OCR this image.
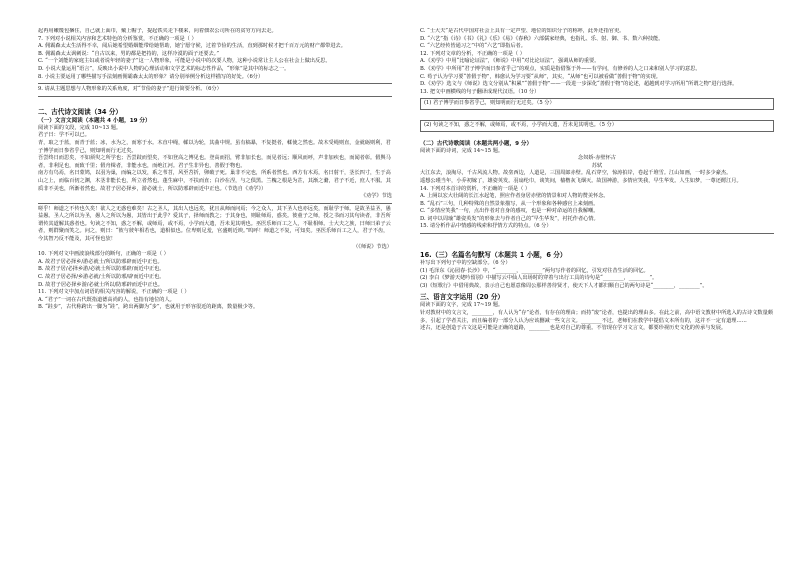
起再用嫩篾包捆住，自己就上面巾，戴上帽子，提起铁夹走下楼来，向着佃农公司所在的贫穷方向去走。

7. 下列对小说相关内容和艺术特色的分析鉴赏，不正确的一项是（ ）

A. 佣霸森太太生活得不幸，阅后她希望婚姻能带给她帮助，她宁愿守候，过着节俭的生活，直到那时候才把千百万元的财产都带进去。

B. 佣霸森太太讽刺说：“自古以来，男的都是把持的，这样冷漠的面子还要去。”

C. “一个刘能的家庭主妇或者说年轻的妻子”这一人物形象，可能是小说中的次要人物，这种小说常让主人公在社会上做出反思。

D. 小说大量运用“语言”，反映出小说中人物的心理活动和文学艺术的标志性作品，“形象”是其中的标志之一。

8. 小说主要运用了哪些描写手法刻画佣霸森太太的形象？请分别举例分析这样描写的好处。（6分）

9. 请从主题思想与人物形象的关系角度，对“节俭的妻子”进行简要分析。（6分）

二、古代诗文阅读（34 分）

（一）文言文阅读（本题共 4 小题，19 分）

阅读下面的文段，完成 10~13 题。

君子曰：学不可以已。

青，取之于蓝，而青于蓝；冰，水为之，而寒于水。木直中绳，輮以为轮，其曲中规。虽有槁暴，不复挺者，輮使之然也。故木受绳则直，金就砺则利，君子博学而日参省乎己，则知明而行无过矣。

吾尝终日而思矣，不如须臾之所学也；吾尝跂而望矣，不如登高之博见也。登高而招，臂非加长也，而见者远；顺风而呼，声非加疾也，而闻者彰。假舆马者，非利足也，而致千里；假舟楫者，非能水也，而绝江河。君子生非异也，善假于物也。

南方有鸟焉，名曰蒙鸠，以羽为巢，而编之以发，系之苇苕，风至苕折，卵破子死。巢非不完也，所系者然也。西方有木焉，名曰射干，茎长四寸，生于高山之上，而临百仞之渊，木茎非能长也，所立者然也。蓬生麻中，不扶而直；白沙在涅，与之俱黑。兰槐之根是为芷，其渐之滫，君子不近，庶人不服。其质非不美也，所渐者然也。故君子居必择乡，游必就士，所以防邪辟而近中正也。（节选自《劝学》）

《劝学》节选

嗟乎！师道之不传也久矣！欲人之无惑也难矣！古之圣人，其出人也远矣，犹且从师而问焉；今之众人，其下圣人也亦远矣，而耻学于师。是故圣益圣，愚益愚。圣人之所以为圣，愚人之所以为愚，其皆出于此乎？爱其子，择师而教之；于其身也，则耻师焉，惑矣。彼童子之师，授之书而习其句读者，非吾所谓传其道解其惑者也。句读之不知，惑之不解，或师焉，或不焉，小学而大遗，吾未见其明也。巫医乐师百工之人，不耻相师。士大夫之族，曰师曰弟子云者，则群聚而笑之。问之，则曰：“彼与彼年相若也，道相似也。位卑则足羞，官盛则近谀。”呜呼！师道之不复，可知矣。巫医乐师百工之人，君子不齿，今其智乃反不能及，其可怪也欤！

（《师说》节选）

10. 下列对文中画波浪线部分的断句，正确的一项是（ ）

A. 故君子居必择乡/游必就士/所以防邪辟而近中正也。

B. 故君子居/必择乡游/必就士所以防邪辟/而近中正也。

C. 故君子居必择/乡游必就/士所以防邪/辟而近中正也。

D. 故君子居必择乡游/必就士所以/防邪辟而近中正也。

11. 下列对文中加点词语的相关内容的解说，不正确的一项是（ ）

A. “君子”一词在古代既指道德高尚的人，也指有地位的人。

B. “跬步”，古代称跨出一脚为“跬”，跨出两脚为“步”，也就用于形容很近的距离，数量极少等。

C. “士大夫”是古代中国对社会上具有一定声望、地位的知识分子的称呼，此外还指官吏。

D. “六艺”指《诗》《书》《礼》《乐》《易》《春秋》六部儒家经典，也指礼、乐、射、御、书、数六种技能。

C. “六艺经传皆通习之”中的“六艺”即指后者。

12. 下列对文章的分析，不正确的一项是（ ）

A.《劝学》中用“比喻论证法”，《师说》中用“对比论证法”，强调从师的重要。

B.《劝学》中所用“君子博学而日参省乎己”的观点，实质是指借鉴于外——有学问，有修养的人之口来和别人学习的意思。

C. 荀子认为学习要“善假于物”，韩愈认为学习要“从师”，其实，“从师”也可以被看做“善假于物”的实现。

D.《劝学》选文与《师说》选文分别从“积累”“善假于物”——一段进一步深化“善假于物”的论述，超越到对学习所用“所谓之物”进行选择。

13. 把文中画横线的句子翻译成现代汉语。（10 分）

(1) 君子博学而日参省乎己，则知明而行无过矣。（5 分）

(2) 句读之不知，惑之不解，或师焉，或不焉，小学而大遗，吾未见其明也。（5 分）

（二）古代诗歌阅读（本题共两小题，9 分）

阅读下面的诗词，完成 14~15 题。

念奴娇·赤壁怀古

苏轼

大江东去，浪淘尽，千古风流人物。故垒西边，人道是，三国周郎赤壁。乱石穿空，惊涛拍岸，卷起千堆雪。江山如画，一时多少豪杰。

遥想公瑾当年，小乔初嫁了，雄姿英发。羽扇纶巾，谈笑间，樯橹灰飞烟灭。故国神游，多情应笑我，早生华发。人生如梦，一尊还酹江月。

14. 下列对本首诗的赏析，不正确的一项是（ ）

A. 上阕以宏大壮阔的长江水起笔，照应作者身居赤壁的情景和对人物的赞美怀念。

B. “乱石”三句，几种特殊的自然景象描写，从一个形象和各种感官上来刻画。

C. “多情应笑我”一句，点出作者对自身的感叹，也是一种对命运的自我解嘲。

D. 词中以周瑜“雄姿英发”的形象去与作者自己的“早生华发”，衬托作者心情。

15. 请分析作品中情感的线索和抒情方式的特点。（6 分）

16.（三）名篇名句默写（本题共 1 小题，6 分）

补写出下列句子中的空缺部分。（6 分）

(1) 毛泽东《沁园春·长沙》中，“________，________”两句写作者的回忆，引发对往昔生活的回忆。

(2) 李白《梦游天姥吟留别》中描写云中仙人出场时的穿着与出行工具的诗句是“________，________”。

(3)《短歌行》中借用典故，表示自己也愿意像周公那样善待贤才，使天下人才都归顺自己的两句诗是“________，________”。

三、语言文字运用（20 分）

阅读下面的文字，完成 17~19 题。

针对教材中的文言文，________，有人认为“存”论者，有存在的理由；而持“废”论者，也提出的理由多。在此之前，高中语文教材中所选入的古诗文数量颇多，引起了学者关注，而且编者的一部分人认为应该删减一些文言文。________不过，老师们在教学中提倡文本所有的，这并不一定有道理……

述古，还是创造于古文这是可能是正确的道路，________也是对自己的尊重。不管现在学习文言文，都要珍视历史文化的传承与发展。
